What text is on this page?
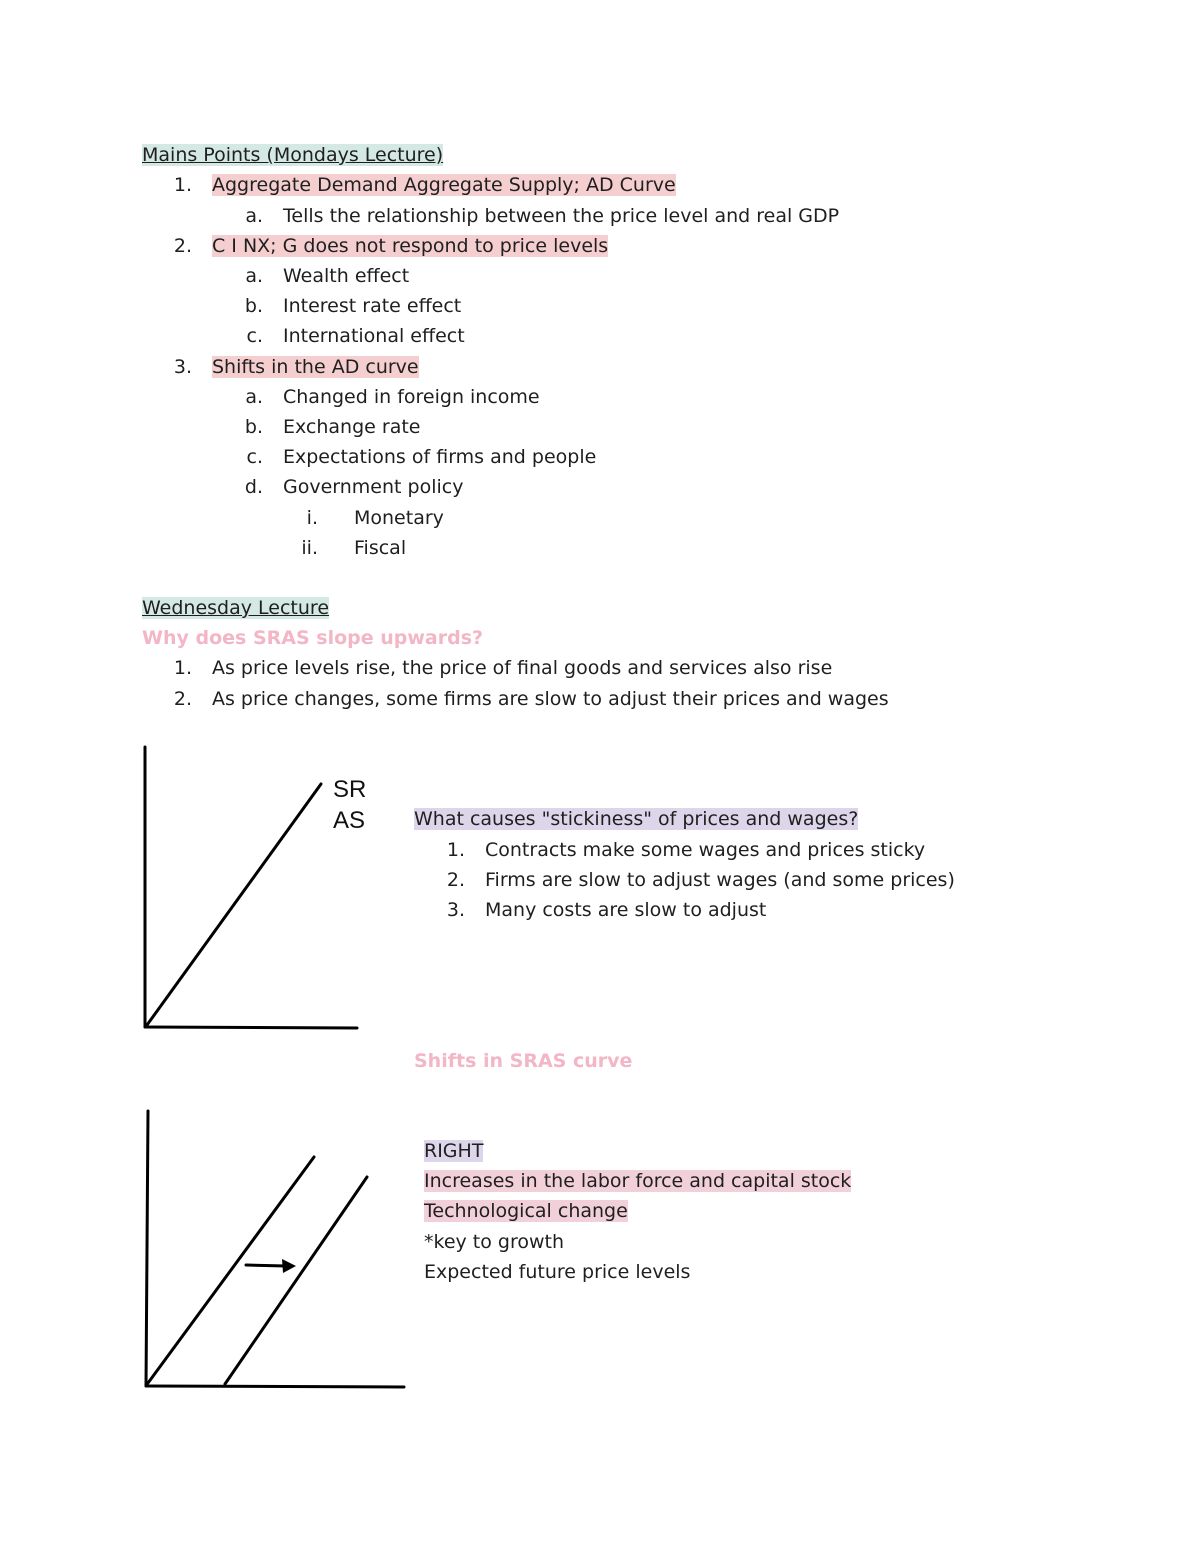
Mains Points (Mondays Lecture)
1. Aggregate Demand Aggregate Supply; AD Curve
a. Tells the relationship between the price level and real GDP
2. C I NX; G does not respond to price levels
a. Wealth effect
b. Interest rate effect
c. International effect
3. Shifts in the AD curve
a. Changed in foreign income
b. Exchange rate
c. Expectations of firms and people
d. Government policy
i. Monetary
ii. Fiscal
Wednesday Lecture
Why does SRAS slope upwards?
1. As price levels rise, the price of final goods and services also rise
2. As price changes, some firms are slow to adjust their prices and wages
SR
AS	What causes "stickiness" of prices and wages?
1. Contracts make some wages and prices sticky
2. Firms are slow to adjust wages (and some prices)
3. Many costs are slow to adjust
Shifts in SRAS curve
RIGHT
Increases in the labor force and capital stock
Technological change
*key to growth
Expected future price levels
